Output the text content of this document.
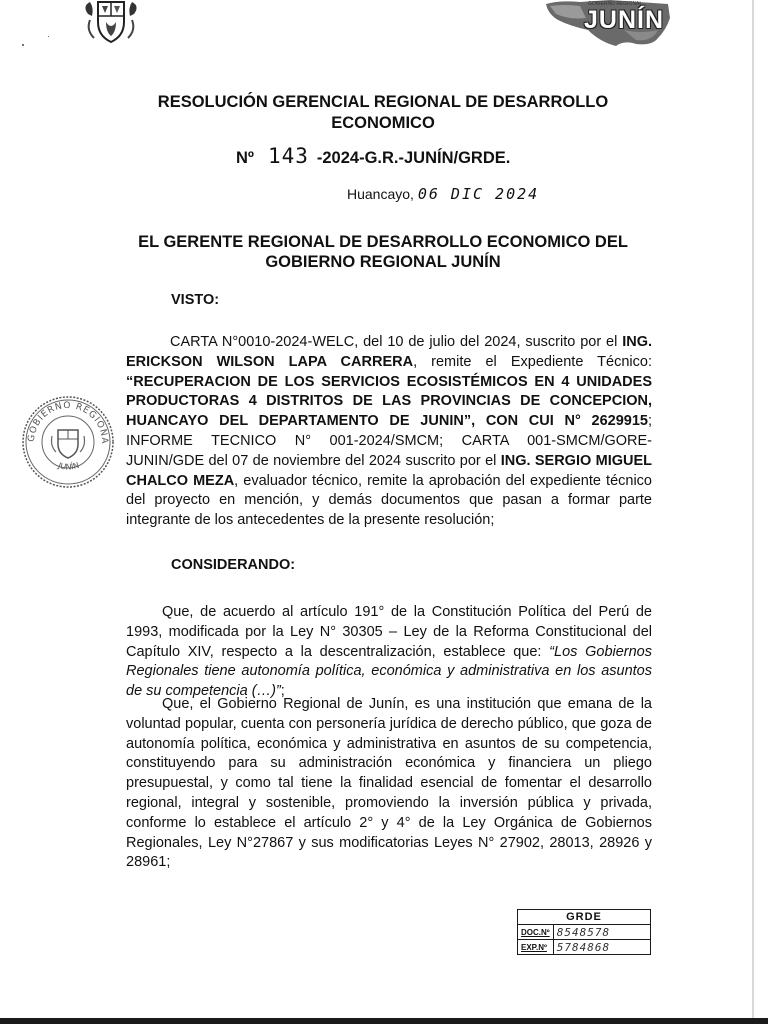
GOBIERNO REGIONAL
JUNÍN
RESOLUCIÓN GERENCIAL REGIONAL DE DESARROLLO ECONOMICO
Nº 143 -2024-G.R.-JUNÍN/GRDE.
Huancayo, 06 DIC 2024
EL GERENTE REGIONAL DE DESARROLLO ECONOMICO DEL GOBIERNO REGIONAL JUNÍN
VISTO:
CARTA N°0010-2024-WELC, del 10 de julio del 2024, suscrito por el ING. ERICKSON WILSON LAPA CARRERA, remite el Expediente Técnico: “RECUPERACION DE LOS SERVICIOS ECOSISTÉMICOS EN 4 UNIDADES PRODUCTORAS 4 DISTRITOS DE LAS PROVINCIAS DE CONCEPCION, HUANCAYO DEL DEPARTAMENTO DE JUNIN”, CON CUI N° 2629915; INFORME TECNICO N° 001-2024/SMCM; CARTA 001-SMCM/GORE-JUNIN/GDE del 07 de noviembre del 2024 suscrito por el ING. SERGIO MIGUEL CHALCO MEZA, evaluador técnico, remite la aprobación del expediente técnico del proyecto en mención, y demás documentos que pasan a formar parte integrante de los antecedentes de la presente resolución;
GOBIERNO REGIONA
JUNÍN
CONSIDERANDO:
Que, de acuerdo al artículo 191° de la Constitución Política del Perú de 1993, modificada por la Ley N° 30305 – Ley de la Reforma Constitucional del Capítulo XIV, respecto a la descentralización, establece que: “Los Gobiernos Regionales tiene autonomía política, económica y administrativa en los asuntos de su competencia (…)”;
Que, el Gobierno Regional de Junín, es una institución que emana de la voluntad popular, cuenta con personería jurídica de derecho público, que goza de autonomía política, económica y administrativa en asuntos de su competencia, constituyendo para su administración económica y financiera un pliego presupuestal, y como tal tiene la finalidad esencial de fomentar el desarrollo regional, integral y sostenible, promoviendo la inversión pública y privada, conforme lo establece el artículo 2° y 4° de la Ley Orgánica de Gobiernos Regionales, Ley N°27867 y sus modificatorias Leyes N° 27902, 28013, 28926 y 28961;
GRDE	
DOC.Nº	8548578
EXP.Nº	5784868
